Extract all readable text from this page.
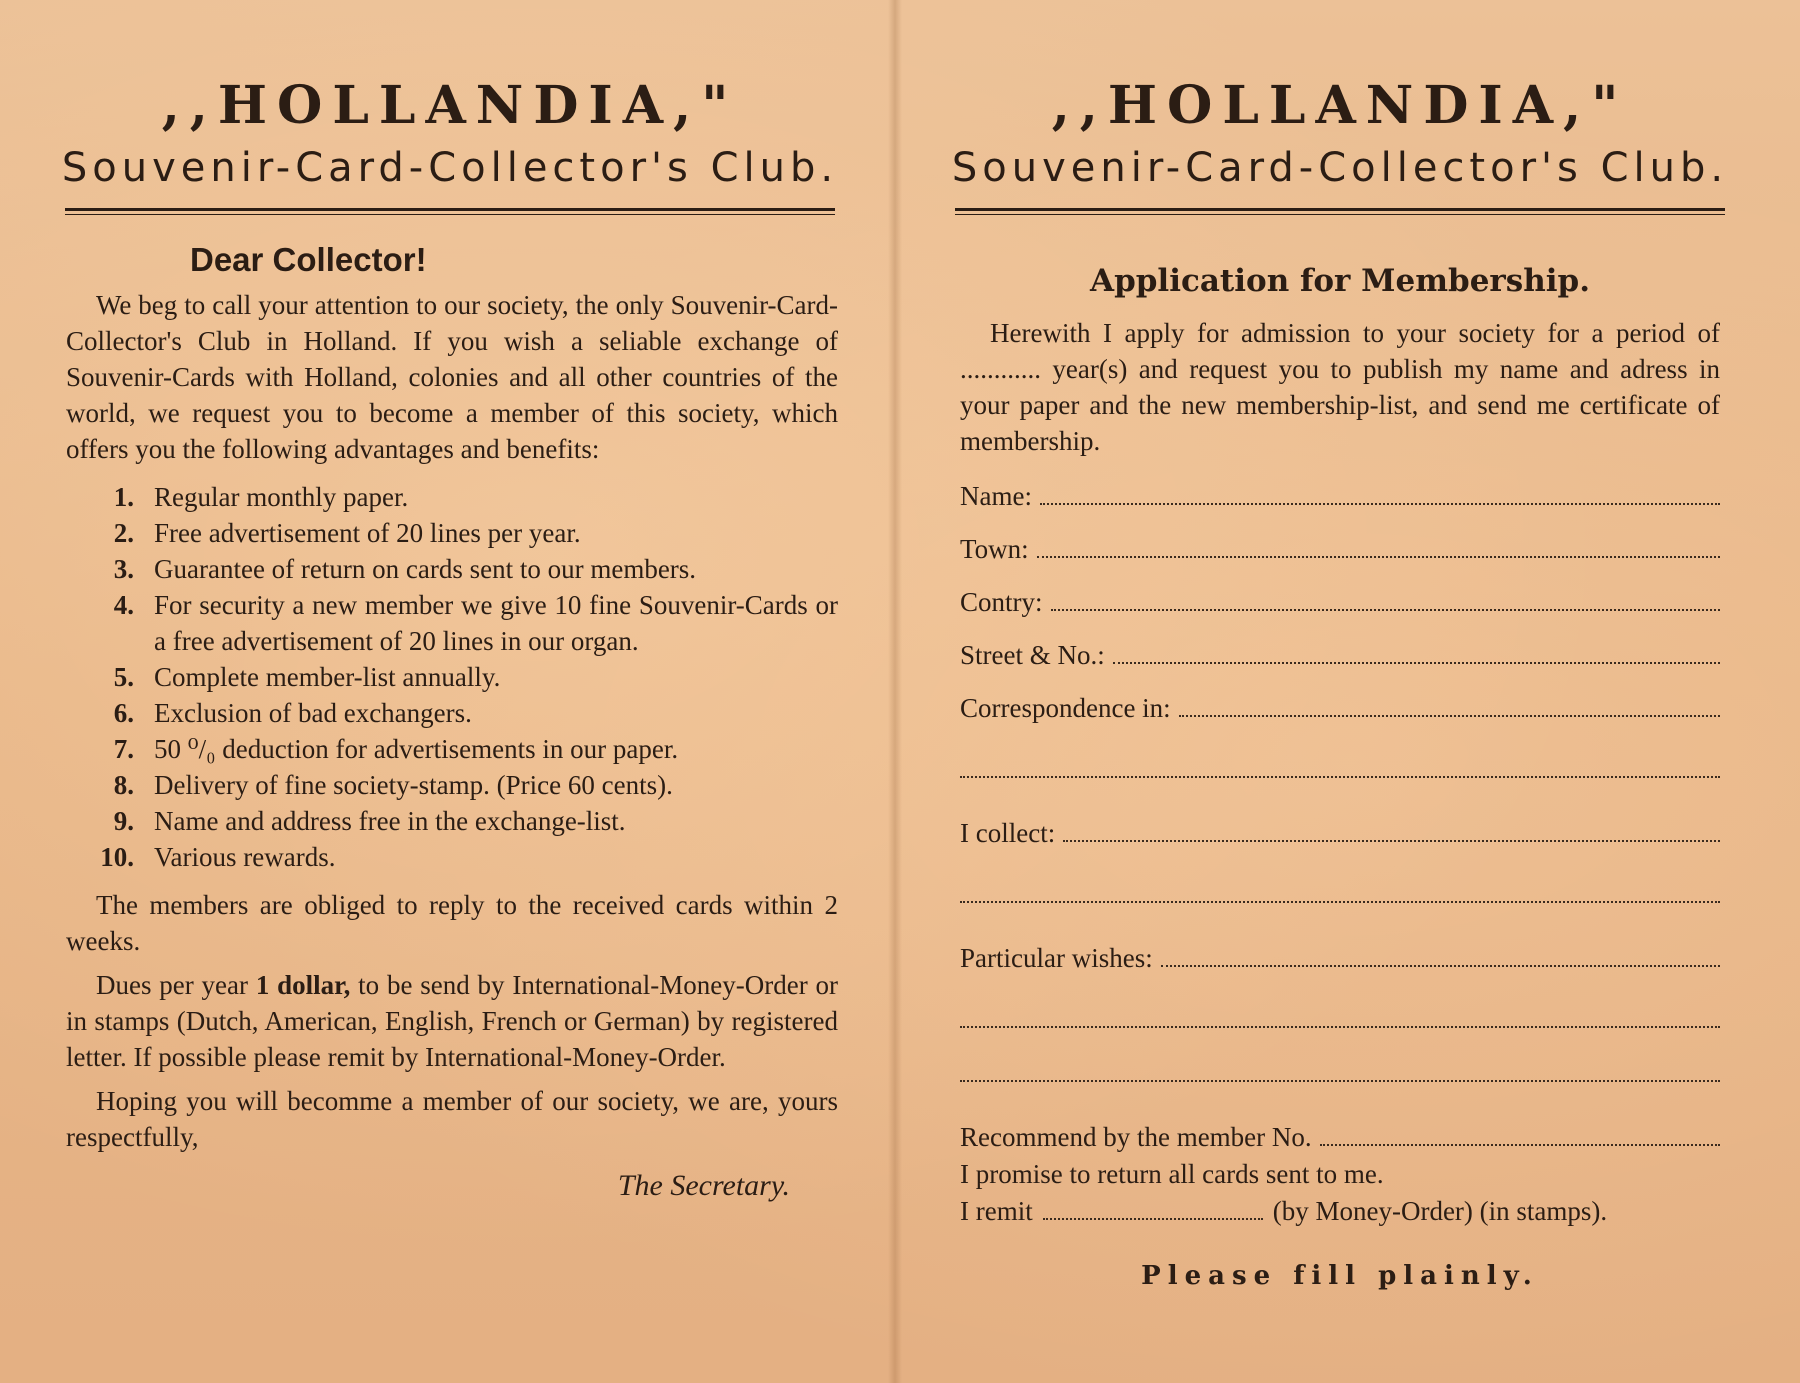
,,HOLLANDIA,"
Souvenir-Card-Collector's Club.
Dear Collector!

We beg to call your attention to our society, the only Souvenir-Card-Collector's Club in Holland. If you wish a seliable exchange of Souvenir-Cards with Holland, colonies and all other countries of the world, we request you to become a member of this society, which offers you the following advantages and benefits:

1. Regular monthly paper.
2. Free advertisement of 20 lines per year.
3. Guarantee of return on cards sent to our members.
4. For security a new member we give 10 fine Souvenir-Cards or a free advertisement of 20 lines in our organ.
5. Complete member-list annually.
6. Exclusion of bad exchangers.
7. 50 ⁰/₀ deduction for advertisements in our paper.
8. Delivery of fine society-stamp. (Price 60 cents).
9. Name and address free in the exchange-list.
10. Various rewards.

The members are obliged to reply to the received cards within 2 weeks.

Dues per year 1 dollar, to be send by International-Money-Order or in stamps (Dutch, American, English, French or German) by registered letter. If possible please remit by International-Money-Order.

Hoping you will becomme a member of our society, we are, yours respectfully,

The Secretary.
,,HOLLANDIA,"
Souvenir-Card-Collector's Club.
Application for Membership.

Herewith I apply for admission to your society for a period of ............ year(s) and request you to publish my name and adress in your paper and the new membership-list, and send me certificate of membership.

Name:
Town:
Contry:
Street & No.:
Correspondence in:
I collect:
Particular wishes:
Recommend by the member No.
I promise to return all cards sent to me.
I remit	(by Money-Order) (in stamps).
Please fill plainly.
